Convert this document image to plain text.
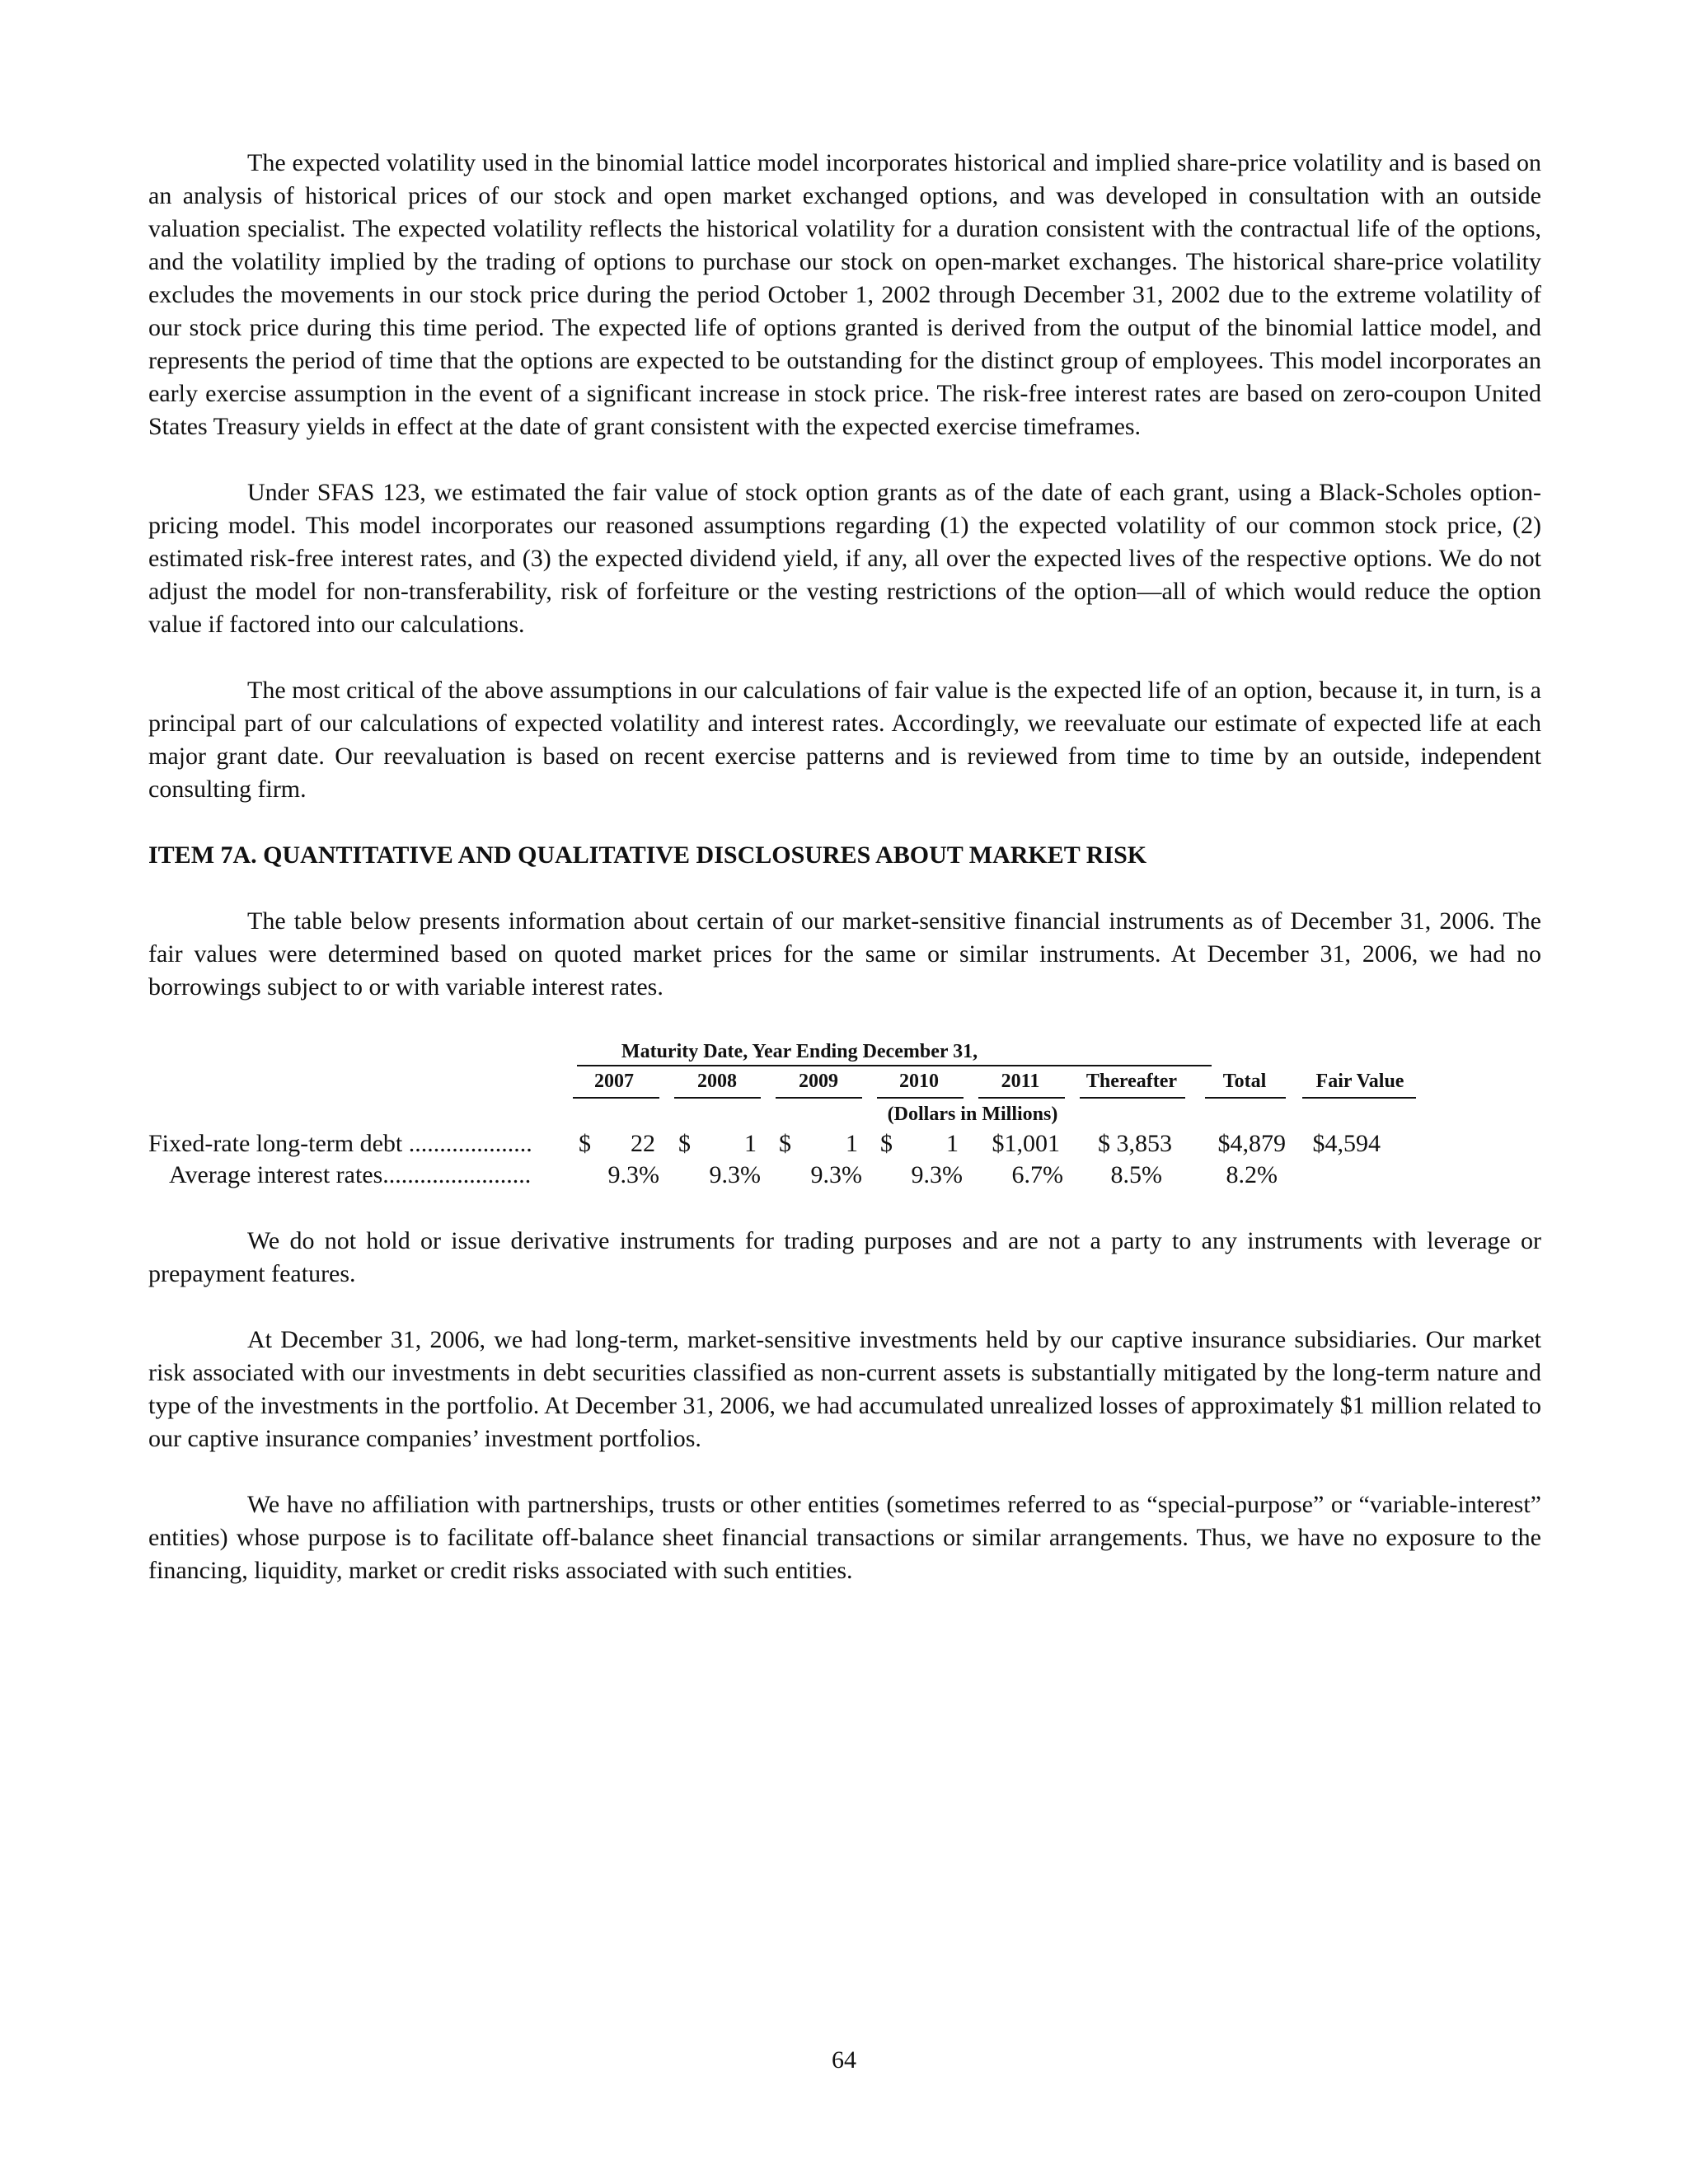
The expected volatility used in the binomial lattice model incorporates historical and implied share-price volatility and is based on an analysis of historical prices of our stock and open market exchanged options, and was developed in consultation with an outside valuation specialist. The expected volatility reflects the historical volatility for a duration consistent with the contractual life of the options, and the volatility implied by the trading of options to purchase our stock on open-market exchanges. The historical share-price volatility excludes the movements in our stock price during the period October 1, 2002 through December 31, 2002 due to the extreme volatility of our stock price during this time period. The expected life of options granted is derived from the output of the binomial lattice model, and represents the period of time that the options are expected to be outstanding for the distinct group of employees. This model incorporates an early exercise assumption in the event of a significant increase in stock price. The risk-free interest rates are based on zero-coupon United States Treasury yields in effect at the date of grant consistent with the expected exercise timeframes.

Under SFAS 123, we estimated the fair value of stock option grants as of the date of each grant, using a Black-Scholes option-pricing model. This model incorporates our reasoned assumptions regarding (1) the expected volatility of our common stock price, (2) estimated risk-free interest rates, and (3) the expected dividend yield, if any, all over the expected lives of the respective options. We do not adjust the model for non-transferability, risk of forfeiture or the vesting restrictions of the option—all of which would reduce the option value if factored into our calculations.

The most critical of the above assumptions in our calculations of fair value is the expected life of an option, because it, in turn, is a principal part of our calculations of expected volatility and interest rates. Accordingly, we reevaluate our estimate of expected life at each major grant date. Our reevaluation is based on recent exercise patterns and is reviewed from time to time by an outside, independent consulting firm.

ITEM 7A. QUANTITATIVE AND QUALITATIVE DISCLOSURES ABOUT MARKET RISK

The table below presents information about certain of our market-sensitive financial instruments as of December 31, 2006. The fair values were determined based on quoted market prices for the same or similar instruments. At December 31, 2006, we had no borrowings subject to or with variable interest rates.

Maturity Date, Year Ending December 31,
2007	2008	2009	2010	2011	Thereafter	Total	Fair Value
(Dollars in Millions)
Fixed-rate long-term debt .................... $	22 $	1 $	1 $	1	$1,001	$ 3,853	$4,879	$4,594
Average interest rates........................	9.3%	9.3%	9.3%	9.3%	6.7%	8.5%	8.2%

We do not hold or issue derivative instruments for trading purposes and are not a party to any instruments with leverage or prepayment features.

At December 31, 2006, we had long-term, market-sensitive investments held by our captive insurance subsidiaries. Our market risk associated with our investments in debt securities classified as non-current assets is substantially mitigated by the long-term nature and type of the investments in the portfolio. At December 31, 2006, we had accumulated unrealized losses of approximately $1 million related to our captive insurance companies’ investment portfolios.

We have no affiliation with partnerships, trusts or other entities (sometimes referred to as “special-purpose” or “variable-interest” entities) whose purpose is to facilitate off-balance sheet financial transactions or similar arrangements. Thus, we have no exposure to the financing, liquidity, market or credit risks associated with such entities.

64
